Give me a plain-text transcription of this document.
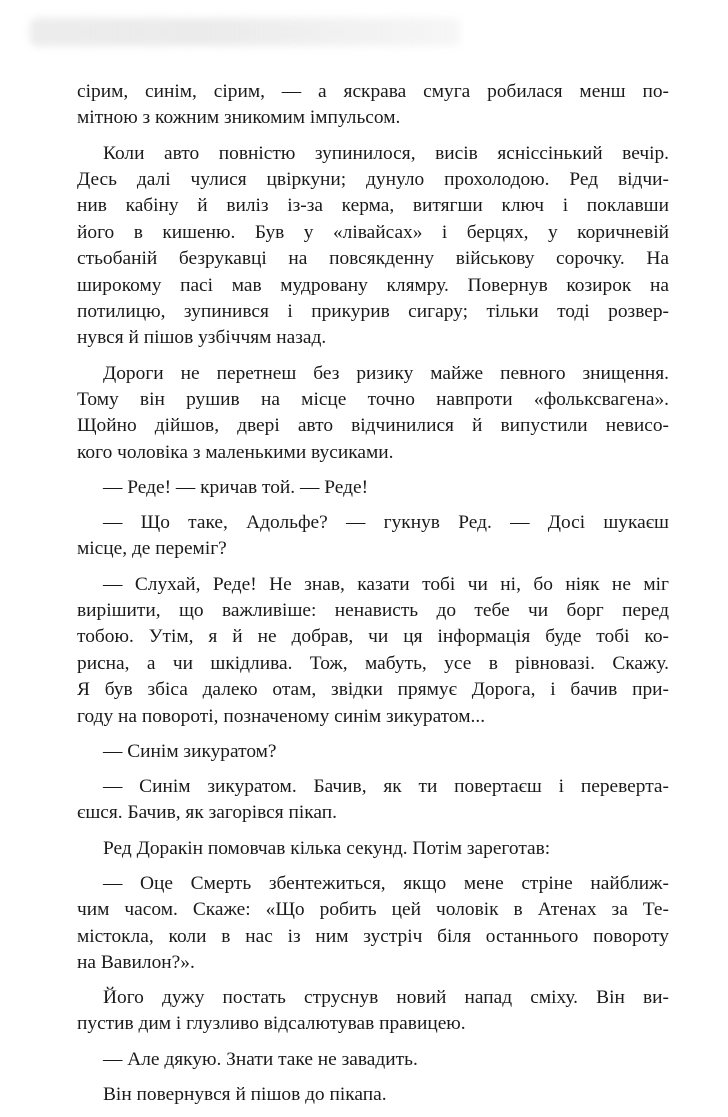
сірим, синім, сірим, — а яскрава смуга робилася менш по-
мітною з кожним зникомим імпульсом.
Коли авто повністю зупинилося, висів ясніссінький вечір.
Десь далі чулися цвіркуни; дунуло прохолодою. Ред відчи-
нив кабіну й виліз із-за керма, витягши ключ і поклавши
його в кишеню. Був у «лівайсах» і берцях, у коричневій
стьобаній безрукавці на повсякденну військову сорочку. На
широкому пасі мав мудровану клямру. Повернув козирок на
потилицю, зупинився і прикурив сигару; тільки тоді розвер-
нувся й пішов узбіччям назад.
Дороги не перетнеш без ризику майже певного знищення.
Тому він рушив на місце точно навпроти «фольксвагена».
Щойно дійшов, двері авто відчинилися й випустили невисо-
кого чоловіка з маленькими вусиками.
— Реде! — кричав той. — Реде!
— Що таке, Адольфе? — гукнув Ред. — Досі шукаєш
місце, де переміг?
— Слухай, Реде! Не знав, казати тобі чи ні, бо ніяк не міг
вирішити, що важливіше: ненависть до тебе чи борг перед
тобою. Утім, я й не добрав, чи ця інформація буде тобі ко-
рисна, а чи шкідлива. Тож, мабуть, усе в рівновазі. Скажу.
Я був збіса далеко отам, звідки прямує Дорога, і бачив при-
году на повороті, позначеному синім зикуратом...
— Синім зикуратом?
— Синім зикуратом. Бачив, як ти повертаєш і переверта-
єшся. Бачив, як загорівся пікап.
Ред Доракін помовчав кілька секунд. Потім зареготав:
— Оце Смерть збентежиться, якщо мене стріне найближ-
чим часом. Скаже: «Що робить цей чоловік в Атенах за Те-
містокла, коли в нас із ним зустріч біля останнього повороту
на Вавилон?».
Його дужу постать струснув новий напад сміху. Він ви-
пустив дим і глузливо відсалютував правицею.
— Але дякую. Знати таке не завадить.
Він повернувся й пішов до пікапа.
